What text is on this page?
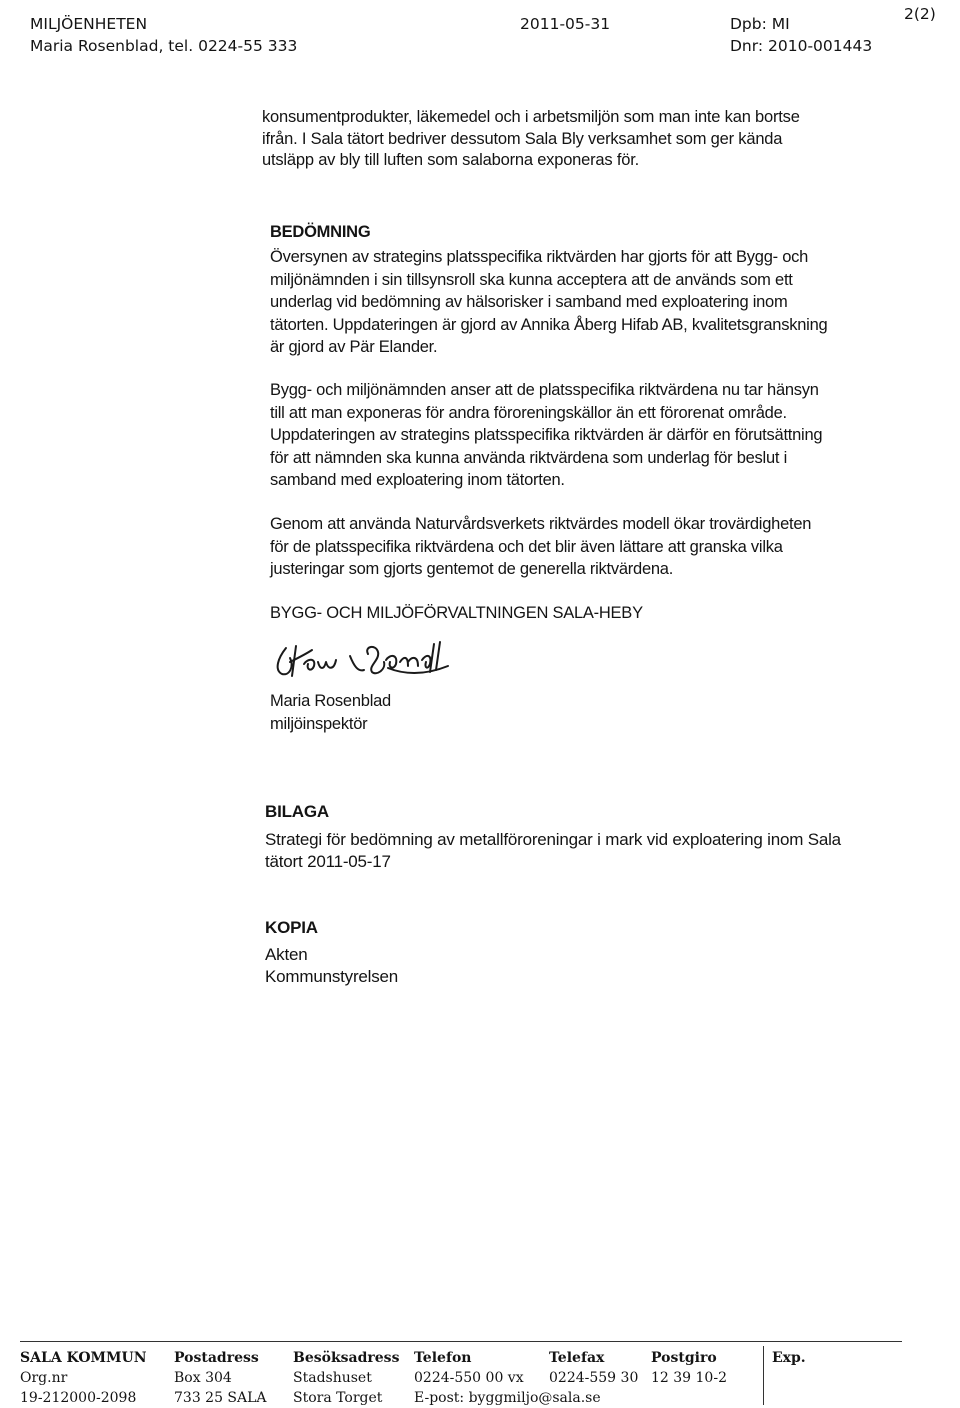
MILJÖENHETEN
Maria Rosenblad, tel. 0224-55 333
2011-05-31	Dpb: MI
Dnr: 2010-001443
2(2)
konsumentprodukter, läkemedel och i arbetsmiljön som man inte kan bortse
ifrån. I Sala tätort bedriver dessutom Sala Bly verksamhet som ger kända
utsläpp av bly till luften som salaborna exponeras för.
BEDÖMNING
Översynen av strategins platsspecifika riktvärden har gjorts för att Bygg- och
miljönämnden i sin tillsynsroll ska kunna acceptera att de används som ett
underlag vid bedömning av hälsorisker i samband med exploatering inom
tätorten. Uppdateringen är gjord av Annika Åberg Hifab AB, kvalitetsgranskning
är gjord av Pär Elander.
Bygg- och miljönämnden anser att de platsspecifika riktvärdena nu tar hänsyn
till att man exponeras för andra föroreningskällor än ett förorenat område.
Uppdateringen av strategins platsspecifika riktvärden är därför en förutsättning
för att nämnden ska kunna använda riktvärdena som underlag för beslut i
samband med exploatering inom tätorten.
Genom att använda Naturvårdsverkets riktvärdes modell ökar trovärdigheten
för de platsspecifika riktvärdena och det blir även lättare att granska vilka
justeringar som gjorts gentemot de generella riktvärdena.
BYGG- OCH MILJÖFÖRVALTNINGEN SALA-HEBY
Maria Rosenblad
miljöinspektör
BILAGA
Strategi för bedömning av metallföroreningar i mark vid exploatering inom Sala
tätort 2011-05-17
KOPIA
Akten
Kommunstyrelsen
SALA KOMMUN
Org.nr
19-212000-2098
Postadress
Box 304
733 25 SALA
Besöksadress
Stadshuset
Stora Torget
Telefon
0224-550 00 vx
E-post: byggmiljo@sala.se
Telefax
0224-559 30
Postgiro
12 39 10-2
Exp.
